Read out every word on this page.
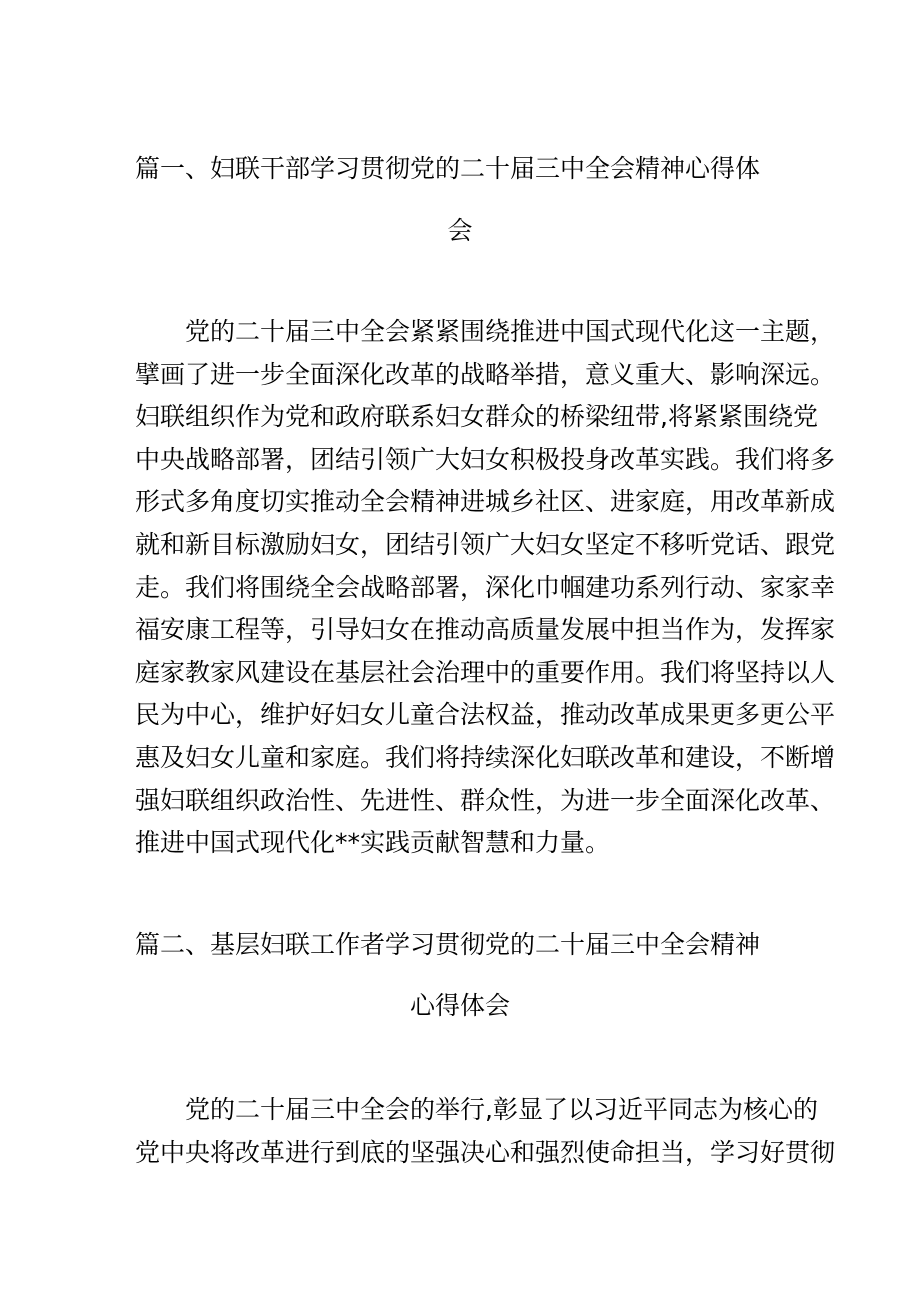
篇一、妇联干部学习贯彻党的二十届三中全会精神心得体
会
党的二十届三中全会紧紧围绕推进中国式现代化这一主题，
擘画了进一步全面深化改革的战略举措，意义重大、影响深远。
妇联组织作为党和政府联系妇女群众的桥梁纽带,将紧紧围绕党
中央战略部署，团结引领广大妇女积极投身改革实践。我们将多
形式多角度切实推动全会精神进城乡社区、进家庭，用改革新成
就和新目标激励妇女，团结引领广大妇女坚定不移听党话、跟党
走。我们将围绕全会战略部署，深化巾帼建功系列行动、家家幸
福安康工程等，引导妇女在推动高质量发展中担当作为，发挥家
庭家教家风建设在基层社会治理中的重要作用。我们将坚持以人
民为中心，维护好妇女儿童合法权益，推动改革成果更多更公平
惠及妇女儿童和家庭。我们将持续深化妇联改革和建设，不断增
强妇联组织政治性、先进性、群众性，为进一步全面深化改革、
推进中国式现代化**实践贡献智慧和力量。
篇二、基层妇联工作者学习贯彻党的二十届三中全会精神
心得体会
党的二十届三中全会的举行,彰显了以习近平同志为核心的
党中央将改革进行到底的坚强决心和强烈使命担当，学习好贯彻
